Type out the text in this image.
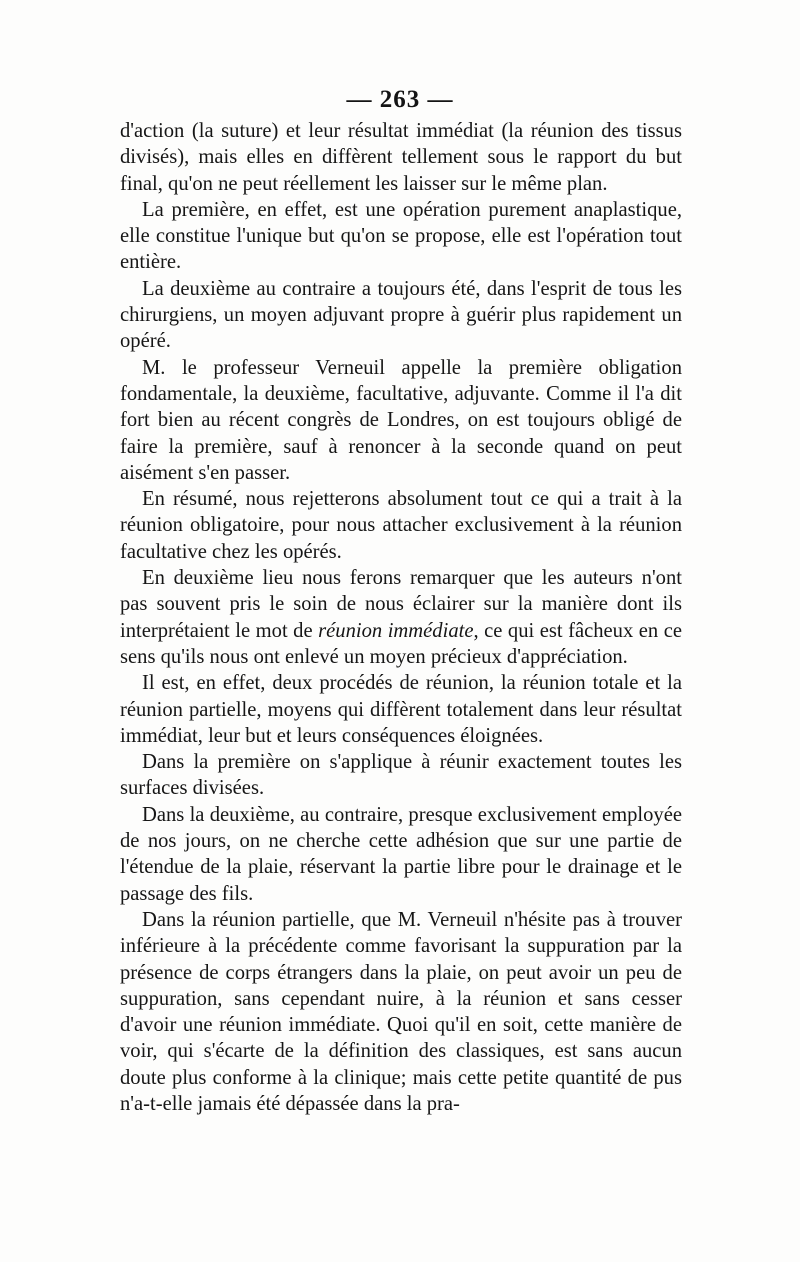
— 263 —

d'action (la suture) et leur résultat immédiat (la réunion des tissus divisés), mais elles en diffèrent tellement sous le rapport du but final, qu'on ne peut réellement les laisser sur le même plan.

La première, en effet, est une opération purement anaplastique, elle constitue l'unique but qu'on se propose, elle est l'opération tout entière.

La deuxième au contraire a toujours été, dans l'esprit de tous les chirurgiens, un moyen adjuvant propre à guérir plus rapidement un opéré.

M. le professeur Verneuil appelle la première obligation fondamentale, la deuxième, facultative, adjuvante. Comme il l'a dit fort bien au récent congrès de Londres, on est toujours obligé de faire la première, sauf à renoncer à la seconde quand on peut aisément s'en passer.

En résumé, nous rejetterons absolument tout ce qui a trait à la réunion obligatoire, pour nous attacher exclusivement à la réunion facultative chez les opérés.

En deuxième lieu nous ferons remarquer que les auteurs n'ont pas souvent pris le soin de nous éclairer sur la manière dont ils interprétaient le mot de réunion immédiate, ce qui est fâcheux en ce sens qu'ils nous ont enlevé un moyen précieux d'appréciation.

Il est, en effet, deux procédés de réunion, la réunion totale et la réunion partielle, moyens qui diffèrent totalement dans leur résultat immédiat, leur but et leurs conséquences éloignées.

Dans la première on s'applique à réunir exactement toutes les surfaces divisées.

Dans la deuxième, au contraire, presque exclusivement employée de nos jours, on ne cherche cette adhésion que sur une partie de l'étendue de la plaie, réservant la partie libre pour le drainage et le passage des fils.

Dans la réunion partielle, que M. Verneuil n'hésite pas à trouver inférieure à la précédente comme favorisant la suppuration par la présence de corps étrangers dans la plaie, on peut avoir un peu de suppuration, sans cependant nuire, à la réunion et sans cesser d'avoir une réunion immédiate. Quoi qu'il en soit, cette manière de voir, qui s'écarte de la définition des classiques, est sans aucun doute plus conforme à la clinique; mais cette petite quantité de pus n'a-t-elle jamais été dépassée dans la pra-
